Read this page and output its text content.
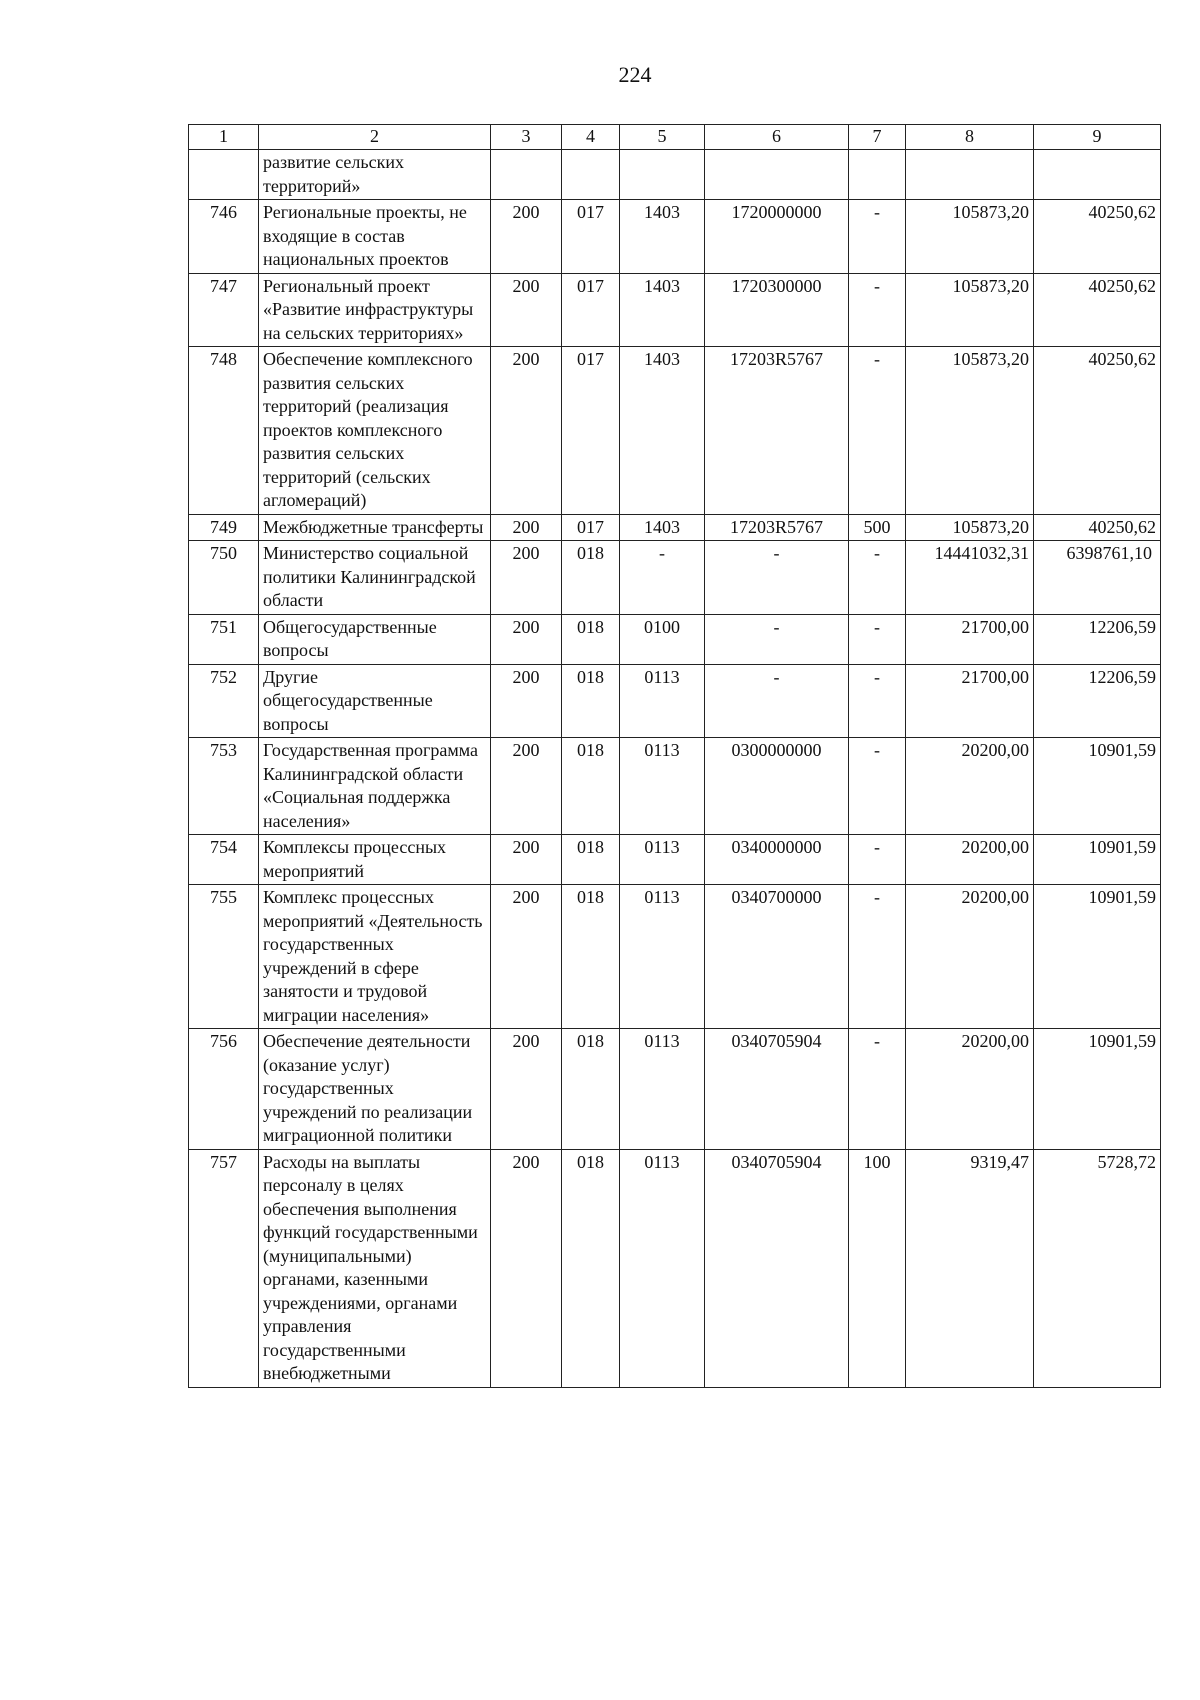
224
1	2	3	4	5	6	7	8	9
	развитие сельских территорий»							
746	Региональные проекты, не входящие в состав национальных проектов	200	017	1403	1720000000	-	105873,20	40250,62
747	Региональный проект «Развитие инфраструктуры на сельских территориях»	200	017	1403	1720300000	-	105873,20	40250,62
748	Обеспечение комплексного развития сельских территорий (реализация проектов комплексного развития сельских территорий (сельских агломераций)	200	017	1403	17203R5767	-	105873,20	40250,62
749	Межбюджетные трансферты	200	017	1403	17203R5767	500	105873,20	40250,62
750	Министерство социальной политики Калининградской области	200	018	-	-	-	14441032,31	6398761,10
751	Общегосударственные вопросы	200	018	0100	-	-	21700,00	12206,59
752	Другие общегосударственные вопросы	200	018	0113	-	-	21700,00	12206,59
753	Государственная программа Калининградской области «Социальная поддержка населения»	200	018	0113	0300000000	-	20200,00	10901,59
754	Комплексы процессных мероприятий	200	018	0113	0340000000	-	20200,00	10901,59
755	Комплекс процессных мероприятий «Деятельность государственных учреждений в сфере занятости и трудовой миграции населения»	200	018	0113	0340700000	-	20200,00	10901,59
756	Обеспечение деятельности (оказание услуг) государственных учреждений по реализации миграционной политики	200	018	0113	0340705904	-	20200,00	10901,59
757	Расходы на выплаты персоналу в целях обеспечения выполнения функций государственными (муниципальными) органами, казенными учреждениями, органами управления государственными внебюджетными	200	018	0113	0340705904	100	9319,47	5728,72
